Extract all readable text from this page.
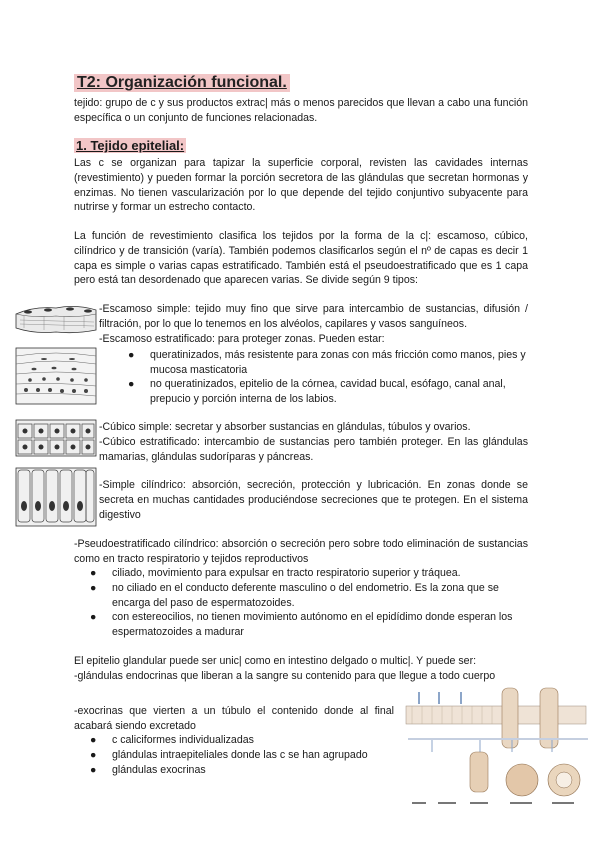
T2: Organización funcional.
tejido: grupo de c y sus productos extrac| más o menos parecidos que llevan a cabo una función específica o un conjunto de funciones relacionadas.
1. Tejido epitelial:
Las c se organizan para tapizar la superficie corporal, revisten las cavidades internas (revestimiento) y pueden formar la porción secretora de las glándulas que secretan hormonas y enzimas. No tienen vascularización por lo que depende del tejido conjuntivo subyacente para nutrirse y formar un estrecho contacto.
La función de revestimiento clasifica los tejidos por la forma de la c|: escamoso, cúbico, cilíndrico y de transición (varía). También podemos clasificarlos según el nº de capas es decir 1 capa es simple o varias capas estratificado. También está el pseudoestratificado que es 1 capa pero está tan desordenado que aparecen varias. Se divide según 9 tipos:
-Escamoso simple: tejido muy fino que sirve para intercambio de sustancias, difusión / filtración, por lo que lo tenemos en los alvéolos, capilares y vasos sanguíneos.
-Escamoso estratificado: para proteger zonas. Pueden estar:
● queratinizados, más resistente para zonas con más fricción como manos, pies y mucosa masticatoria
● no queratinizados, epitelio de la córnea, cavidad bucal, esófago, canal anal, prepucio y porción interna de los labios.
-Cúbico simple: secretar y absorber sustancias en glándulas, túbulos y ovarios.
-Cúbico estratificado: intercambio de sustancias pero también proteger. En las glándulas mamarias, glándulas sudoríparas y páncreas.
-Simple cilíndrico: absorción, secreción, protección y lubricación. En zonas donde se secreta en muchas cantidades produciéndose secreciones que te protegen. En el sistema digestivo
-Pseudoestratificado cilíndrico: absorción o secreción pero sobre todo eliminación de sustancias como en tracto respiratorio y tejidos reproductivos
● ciliado, movimiento para expulsar en tracto respiratorio superior y tráquea.
● no ciliado en el conducto deferente masculino o del endometrio. Es la zona que se encarga del paso de espermatozoides.
● con estereocilios, no tienen movimiento autónomo en el epidídimo donde esperan los espermatozoides a madurar
El epitelio glandular puede ser unic| como en intestino delgado o multic|. Y puede ser:
-glándulas endocrinas que liberan a la sangre su contenido para que llegue a todo cuerpo
-exocrinas que vierten a un túbulo el contenido donde al final acabará siendo excretado
● c caliciformes individualizadas
● glándulas intraepiteliales donde las c se han agrupado
● glándulas exocrinas
